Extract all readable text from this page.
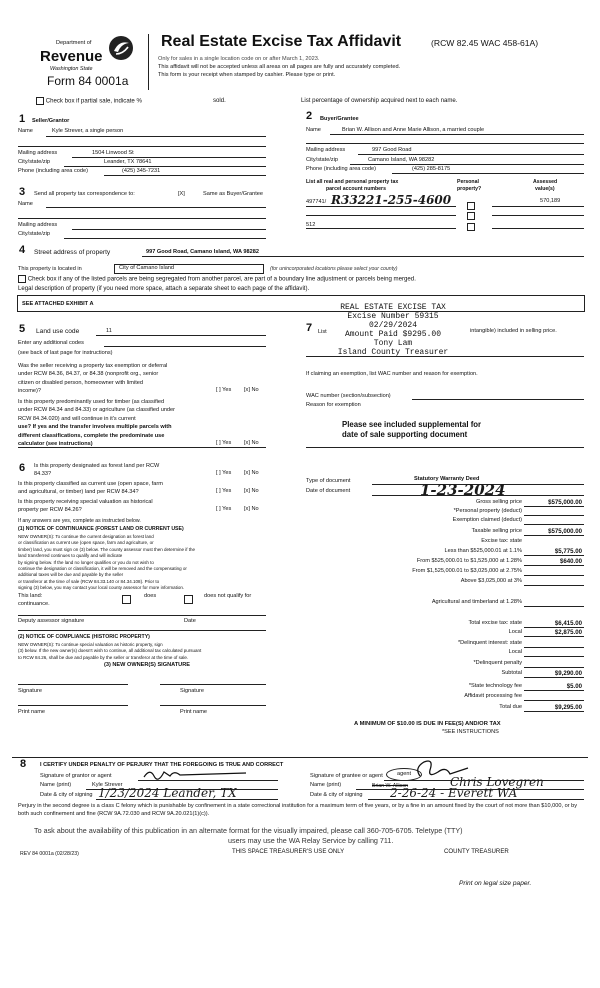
Department of
Revenue
Washington State
Form 84 0001a
Real Estate Excise Tax Affidavit	(RCW 82.45 WAC 458-61A)
Only for sales in a single location code on or after March 1, 2023.
This affidavit will not be accepted unless all areas on all pages are fully and accurately completed.
This form is your receipt when stamped by cashier. Please type or print.
Check box if partial sale, indicate %	sold.	List percentage of ownership acquired next to each name.
1 Seller/Grantor
Name	Kyle Strever, a single person
Mailing address	1504 Linwood St
City/state/zip	Leander, TX 78641
Phone (including area code)	(425) 345-7231
2 Buyer/Grantee
Name	Brian W. Allison and Anne Marie Allison, a married couple
Mailing address	997 Good Road
City/state/zip	Camano Island, WA 98282
Phone (including area code)	(425) 285-8175
List all real and personal property tax
parcel account numbers
Personal
property?
Assessed
value(s)
497741/ R33221-255-4600	570,189
512
3 Send all property tax correspondence to:	[X]	Same as Buyer/Grantee
Name
Mailing address
City/state/zip
4 Street address of property	997 Good Road, Camano Island, WA 98282
This property is located in	City of Camano Island	(for unincorporated locations please select your county)
Check box if any of the listed parcels are being segregated from another parcel, are part of a boundary line adjustment or parcels being merged.
Legal description of property (if you need more space, attach a separate sheet to each page of the affidavit).
SEE ATTACHED EXHIBIT A	REAL ESTATE EXCISE TAX
Excise Number 59315
02/29/2024
Amount Paid $9295.00
Tony Lam
Island County Treasurer
5 Land use code	11
Enter any additional codes
(see back of last page for instructions)
Was the seller receiving a property tax exemption or deferral
under RCW 84.36, 84.37, or 84.38 (nonprofit org., senior
citizen or disabled person, homeowner with limited
income)?	[ ] Yes [x] No
Is this property predominantly used for timber (as classified
under RCW 84.34 and 84.33) or agriculture (as classified under
RCW 84.34.020) and will continue in it's current
use? If yes and the transfer involves multiple parcels with
different classifications, complete the predominate use
calculator (see instructions)	[ ] Yes [x] No
7 List	intangible) included in selling price.
If claiming an exemption, list WAC number and reason for exemption.
WAC number (section/subsection)
Reason for exemption
Please see included supplemental for
date of sale supporting document
6 Is this property designated as forest land per RCW
84.33?	[ ] Yes [x] No
Is this property classified as current use (open space, farm
and agricultural, or timber) land per RCW 84.34?	[ ] Yes [x] No
Is this property receiving special valuation as historical
property per RCW 84.26?	[ ] Yes [x] No
If any answers are yes, complete as instructed below.
(1) NOTICE OF CONTINUANCE (FOREST LAND OR CURRENT USE)
NEW OWNER(S): To continue the current designation as forest land
or classification as current use (open space, farm and agriculture, or
timber) land, you must sign on (3) below. The county assessor must then determine if the
land transferred continues to qualify and will indicate
by signing below. If the land no longer qualifies or you do not wish to
continue the designation or classification, it will be removed and the compensating or
additional taxes will be due and payable by the seller
or transferor at the time of sale (RCW 84.33.140 or 84.34.108). Prior to
signing (3) below, you may contact your local county assessor for more information.
This land:	does	does not qualify for
continuance.
Deputy assessor signature	Date
(2) NOTICE OF COMPLIANCE (HISTORIC PROPERTY)
NEW OWNER(S): To continue special valuation as historic property, sign
(3) below. If the new owner(s) doesn't wish to continue, all additional tax calculated pursuant
to RCW 84.26, shall be due and payable by the seller or transferor at the time of sale.
(3) NEW OWNER(S) SIGNATURE
Signature	Signature
Print name	Print name
Type of document	Statutory Warranty Deed
Date of document	1-23-2024
Gross selling price	$575,000.00
*Personal property (deduct)
Exemption claimed (deduct)
Taxable selling price	$575,000.00
Excise tax: state
Less than $525,000.01 at 1.1%	$5,775.00
From $525,000.01 to $1,525,000 at 1.28%	$640.00
From $1,525,000.01 to $3,025,000 at 2.75%
Above $3,025,000 at 3%
Agricultural and timberland at 1.28%
Total excise tax: state	$6,415.00
Local	$2,875.00
*Delinquent interest: state
Local
*Delinquent penalty
Subtotal	$9,290.00
*State technology fee	$5.00
Affidavit processing fee
Total due	$9,295.00
A MINIMUM OF $10.00 IS DUE IN FEE(S) AND/OR TAX
*SEE INSTRUCTIONS
8 I CERTIFY UNDER PENALTY OF PERJURY THAT THE FOREGOING IS TRUE AND CORRECT
Signature of grantor or agent
Name (print)	Kyle Strever
Date & city of signing 1/23/2024 Leander, TX
Signature of grantee or agent	agent
Name (print)	Brian W. Allison	Chris Lovegren
Date & city of signing 2-26-24 - Everett WA
Perjury in the second degree is a class C felony which is punishable by confinement in a state correctional institution for a maximum term of five years, or by a fine in an amount fixed by the court of not more than $10,000, or by both such confinement and fine (RCW 9A.72.030 and RCW 9A.20.021(1)(c)).
To ask about the availability of this publication in an alternate format for the visually impaired, please call 360-705-6705. Teletype (TTY)
users may use the WA Relay Service by calling 711.
REV 84 0001a (02/28/23)	THIS SPACE TREASURER'S USE ONLY	COUNTY TREASURER
Print on legal size paper.
